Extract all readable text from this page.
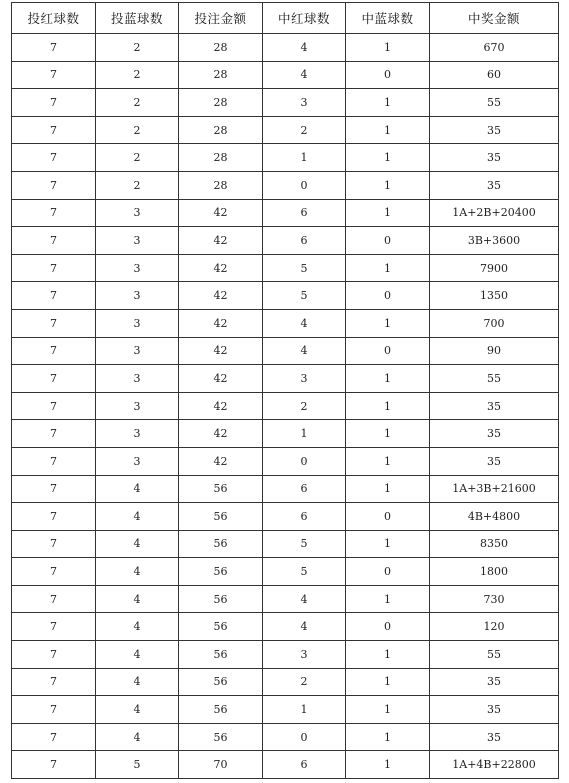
投红球数	投蓝球数	投注金额	中红球数	中蓝球数	中奖金额
7	2	28	4	1	670
7	2	28	4	0	60
7	2	28	3	1	55
7	2	28	2	1	35
7	2	28	1	1	35
7	2	28	0	1	35
7	3	42	6	1	1A+2B+20400
7	3	42	6	0	3B+3600
7	3	42	5	1	7900
7	3	42	5	0	1350
7	3	42	4	1	700
7	3	42	4	0	90
7	3	42	3	1	55
7	3	42	2	1	35
7	3	42	1	1	35
7	3	42	0	1	35
7	4	56	6	1	1A+3B+21600
7	4	56	6	0	4B+4800
7	4	56	5	1	8350
7	4	56	5	0	1800
7	4	56	4	1	730
7	4	56	4	0	120
7	4	56	3	1	55
7	4	56	2	1	35
7	4	56	1	1	35
7	4	56	0	1	35
7	5	70	6	1	1A+4B+22800
